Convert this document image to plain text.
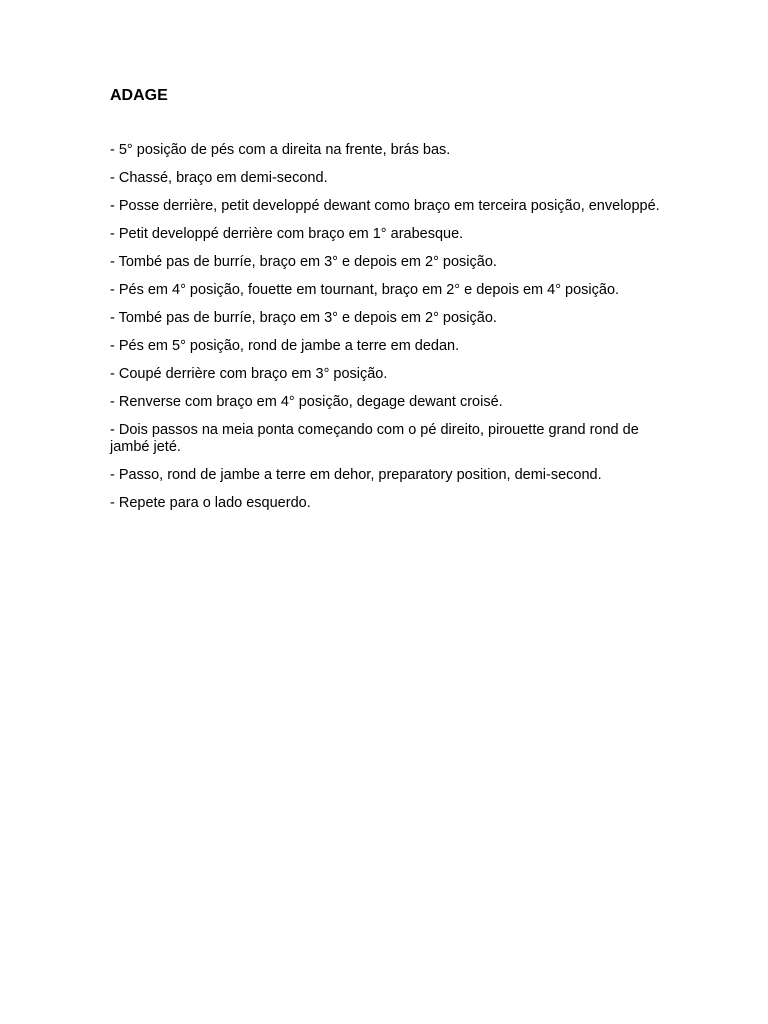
ADAGE
- 5° posição de pés com a direita na frente, brás bas.
- Chassé, braço em demi-second.
- Posse derrière, petit developpé dewant como braço em terceira posição, enveloppé.
- Petit developpé derrière com braço em 1° arabesque.
- Tombé pas de burríe, braço em 3° e depois em 2° posição.
- Pés em 4° posição, fouette em tournant, braço em 2° e depois em 4° posição.
- Tombé pas de burríe, braço em 3° e depois em 2° posição.
- Pés em 5° posição, rond de jambe a terre em dedan.
- Coupé derrière com braço em 3° posição.
- Renverse com braço em 4° posição, degage dewant croisé.
- Dois passos na meia ponta começando com o pé direito, pirouette grand rond de jambé jeté.
- Passo, rond de jambe a terre em dehor, preparatory position, demi-second.
- Repete para o lado esquerdo.
